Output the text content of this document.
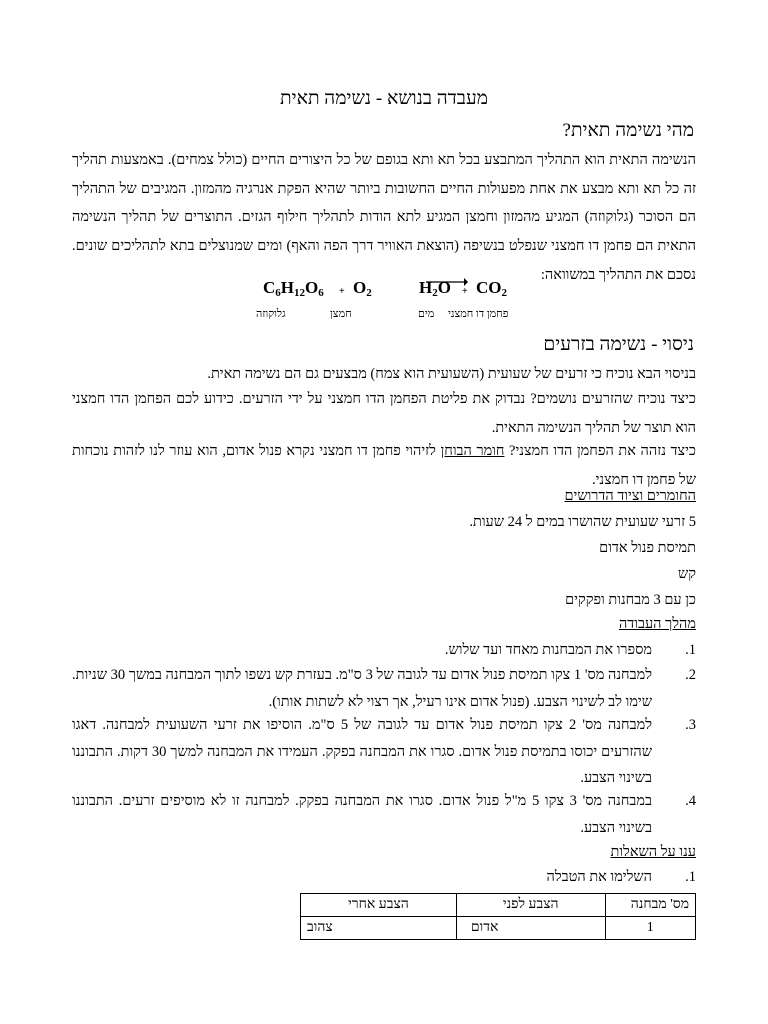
מעבדה בנושא - נשימה תאית
מהי נשימה תאית?
הנשימה התאית הוא התהליך המתבצע בכל תא ותא בגופם של כל היצורים החיים (כולל צמחים). באמצעות תהליך זה כל תא ותא מבצע את אחת מפעולות החיים החשובות ביותר שהיא הפקת אנרגיה מהמזון. המגיבים של התהליך הם הסוכר (גלוקוזה) המגיע מהמזון וחמצן המגיע לתא הודות לתהליך חילוף הגזים. התוצרים של תהליך הנשימה התאית הם פחמן דו חמצני שנפלט בנשיפה (הוצאת האוויר דרך הפה והאף) ומים שמנוצלים בתא לתהליכים שונים. נסכם את התהליך במשוואה:
$C_6H_{12}O_6 + O_2$	$H_2O + CO_2$
גלוקוזה	חמצן	מים פחמן דו חמצני
ניסוי - נשימה בזרעים
בניסוי הבא נוכיח כי זרעים של שעועית (השעועית הוא צמח) מבצעים גם הם נשימה תאית.
כיצד נוכיח שהזרעים נושמים? נבדוק את פליטת הפחמן הדו חמצני על ידי הזרעים. כידוע לכם הפחמן הדו חמצני הוא תוצר של תהליך הנשימה התאית.
כיצד נזהה את הפחמן הדו חמצני? חומר הבוחן לזיהוי פחמן דו חמצני נקרא פנול אדום, הוא עוזר לנו לזהות נוכחות של פחמן דו חמצני.
החומרים וציוד הדרושים
5 זרעי שעועית שהושרו במים ל 24 שעות.
תמיסת פנול אדום
קש
כן עם 3 מבחנות ופקקים
מהלך העבודה
.1
מספרו את המבחנות מאחד ועד שלוש.
.2
למבחנה מס' 1 צקו תמיסת פנול אדום עד לגובה של 3 ס"מ. בעזרת קש נשפו לתוך המבחנה במשך 30 שניות. שימו לב לשינוי הצבע. (פנול אדום אינו רעיל, אך רצוי לא לשתות אותו).
.3
למבחנה מס' 2 צקו תמיסת פנול אדום עד לגובה של 5 ס"מ. הוסיפו את זרעי השעועית למבחנה. דאגו שהזרעים יכוסו בתמיסת פנול אדום. סגרו את המבחנה בפקק. העמידו את המבחנה למשך 30 דקות. התבוננו בשינוי הצבע.
.4
במבחנה מס' 3 צקו 5 מ"ל פנול אדום. סגרו את המבחנה בפקק. למבחנה זו לא מוסיפים זרעים. התבוננו בשינוי הצבע.
ענו על השאלות
.1
השלימו את הטבלה
מס' מבחנה	הצבע לפני	הצבע אחרי
1	אדום	צהוב
